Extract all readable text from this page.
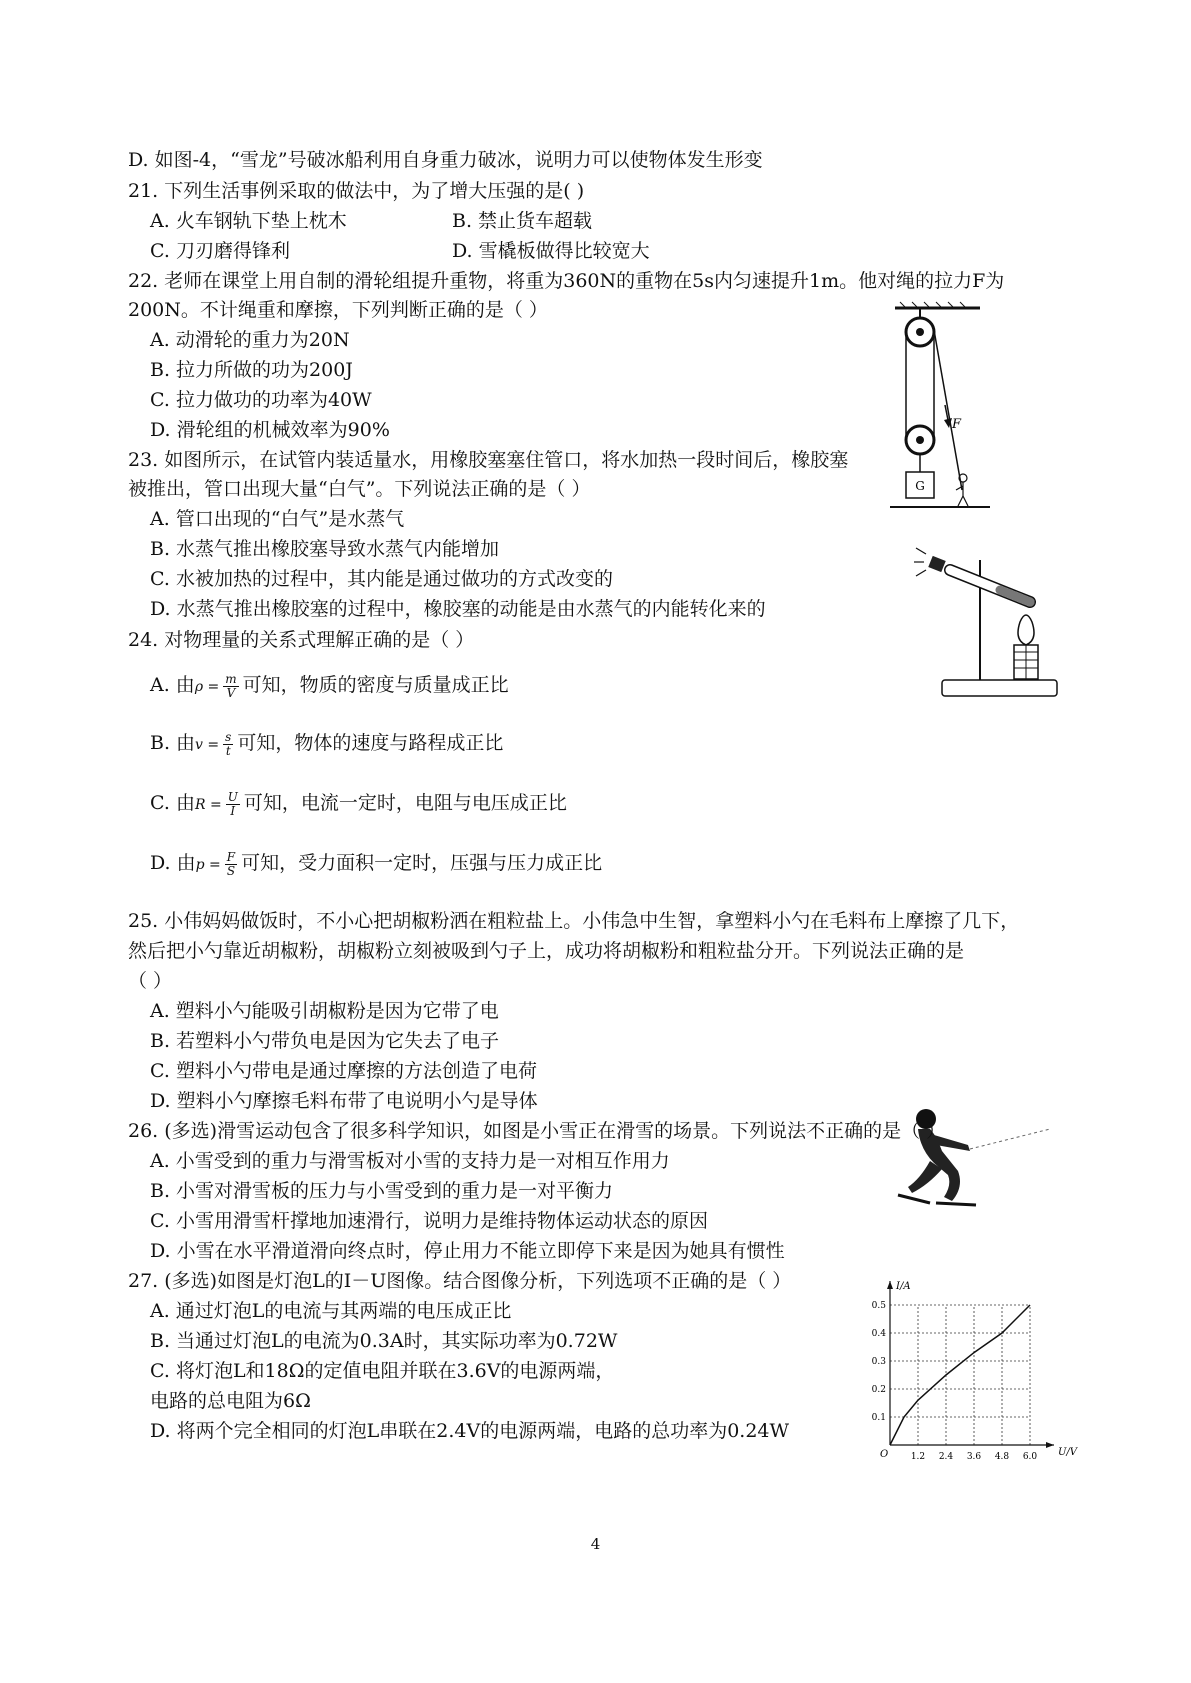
G
F
1.2 2.4 3.6 4.8 6.0
0.1
0.2
0.3
0.4
0.5
U/V
I/A
O
4
D. 如图-4，“雪龙”号破冰船利用自身重力破冰，说明力可以使物体发生形变
21. 下列生活事例采取的做法中，为了增大压强的是( )
A. 火车钢轨下垫上枕木	B. 禁止货车超载
C. 刀刃磨得锋利	D. 雪橇板做得比较宽大
22. 老师在课堂上用自制的滑轮组提升重物，将重为360N的重物在5s内匀速提升1m。他对绳的拉力F为
200N。不计绳重和摩擦，下列判断正确的是（ ）
A. 动滑轮的重力为20N
B. 拉力所做的功为200J
C. 拉力做功的功率为40W
D. 滑轮组的机械效率为90%
23. 如图所示，在试管内装适量水，用橡胶塞塞住管口，将水加热一段时间后，橡胶塞
被推出，管口出现大量“白气”。下列说法正确的是（ ）
A. 管口出现的“白气”是水蒸气
B. 水蒸气推出橡胶塞导致水蒸气内能增加
C. 水被加热的过程中，其内能是通过做功的方式改变的
D. 水蒸气推出橡胶塞的过程中，橡胶塞的动能是由水蒸气的内能转化来的
24. 对物理量的关系式理解正确的是（ ）
25. 小伟妈妈做饭时，不小心把胡椒粉洒在粗粒盐上。小伟急中生智，拿塑料小勺在毛料布上摩擦了几下，
然后把小勺靠近胡椒粉，胡椒粉立刻被吸到勺子上，成功将胡椒粉和粗粒盐分开。下列说法正确的是
（ ）
A. 塑料小勺能吸引胡椒粉是因为它带了电
B. 若塑料小勺带负电是因为它失去了电子
C. 塑料小勺带电是通过摩擦的方法创造了电荷
D. 塑料小勺摩擦毛料布带了电说明小勺是导体
26. (多选)滑雪运动包含了很多科学知识，如图是小雪正在滑雪的场景。下列说法不正确的是（ ）
A. 小雪受到的重力与滑雪板对小雪的支持力是一对相互作用力
B. 小雪对滑雪板的压力与小雪受到的重力是一对平衡力
C. 小雪用滑雪杆撑地加速滑行，说明力是维持物体运动状态的原因
D. 小雪在水平滑道滑向终点时，停止用力不能立即停下来是因为她具有惯性
27. (多选)如图是灯泡L的I－U图像。结合图像分析，下列选项不正确的是（ ）
A. 通过灯泡L的电流与其两端的电压成正比
B. 当通过灯泡L的电流为0.3A时，其实际功率为0.72W
C. 将灯泡L和18Ω的定值电阻并联在3.6V的电源两端，
电路的总电阻为6Ω
D. 将两个完全相同的灯泡L串联在2.4V的电源两端，电路的总功率为0.24W
A. 由$\rho = \frac{m}{V}$ 可知，物质的密度与质量成正比
B. 由$v = \frac{s}{t}$ 可知，物体的速度与路程成正比
C. 由$R = \frac{U}{I}$ 可知，电流一定时，电阻与电压成正比
D. 由$p = \frac{F}{S}$ 可知，受力面积一定时，压强与压力成正比
